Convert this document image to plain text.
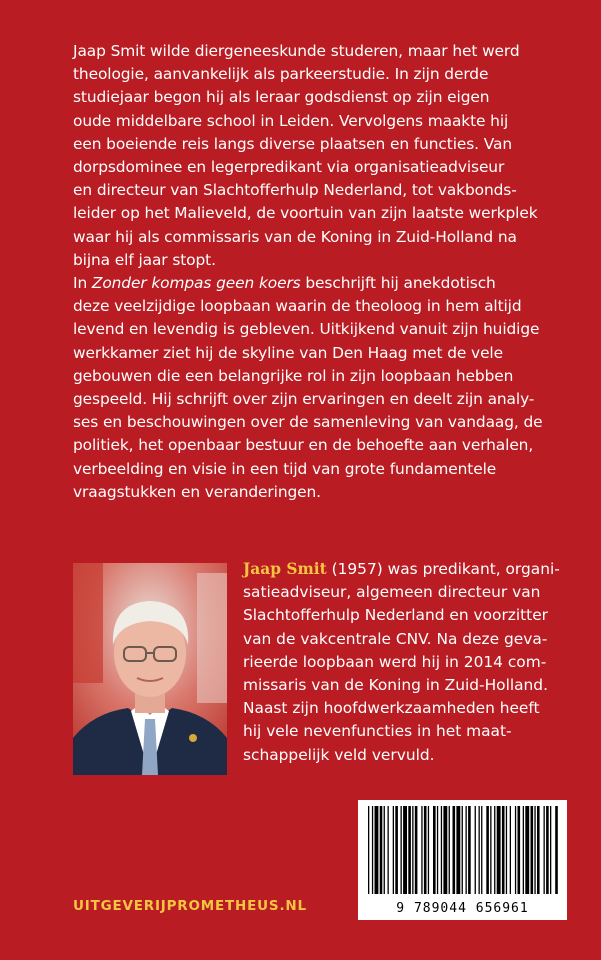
Jaap Smit wilde diergeneeskunde studeren, maar het werd
theologie, aanvankelijk als parkeerstudie. In zijn derde
studiejaar begon hij als leraar godsdienst op zijn eigen
oude middelbare school in Leiden. Vervolgens maakte hij
een boeiende reis langs diverse plaatsen en functies. Van
dorpsdominee en legerpredikant via organisatieadviseur
en directeur van Slachtofferhulp Nederland, tot vakbonds-
leider op het Malieveld, de voortuin van zijn laatste werkplek
waar hij als commissaris van de Koning in Zuid-Holland na
bijna elf jaar stopt.

In Zonder kompas geen koers beschrijft hij anekdotisch
deze veelzijdige loopbaan waarin de theoloog in hem altijd
levend en levendig is gebleven. Uitkijkend vanuit zijn huidige
werkkamer ziet hij de skyline van Den Haag met de vele
gebouwen die een belangrijke rol in zijn loopbaan hebben
gespeeld. Hij schrijft over zijn ervaringen en deelt zijn analy-
ses en beschouwingen over de samenleving van vandaag, de
politiek, het openbaar bestuur en de behoefte aan verhalen,
verbeelding en visie in een tijd van grote fundamentele
vraagstukken en veranderingen.

Jaap Smit (1957) was predikant, organi-
satieadviseur, algemeen directeur van
Slachtofferhulp Nederland en voorzitter
van de vakcentrale CNV. Na deze geva-
rieerde loopbaan werd hij in 2014 com-
missaris van de Koning in Zuid-Holland.
Naast zijn hoofdwerkzaamheden heeft
hij vele nevenfuncties in het maat-
schappelijk veld vervuld.
9 789044 656961
UITGEVERIJPROMETHEUS.NL
